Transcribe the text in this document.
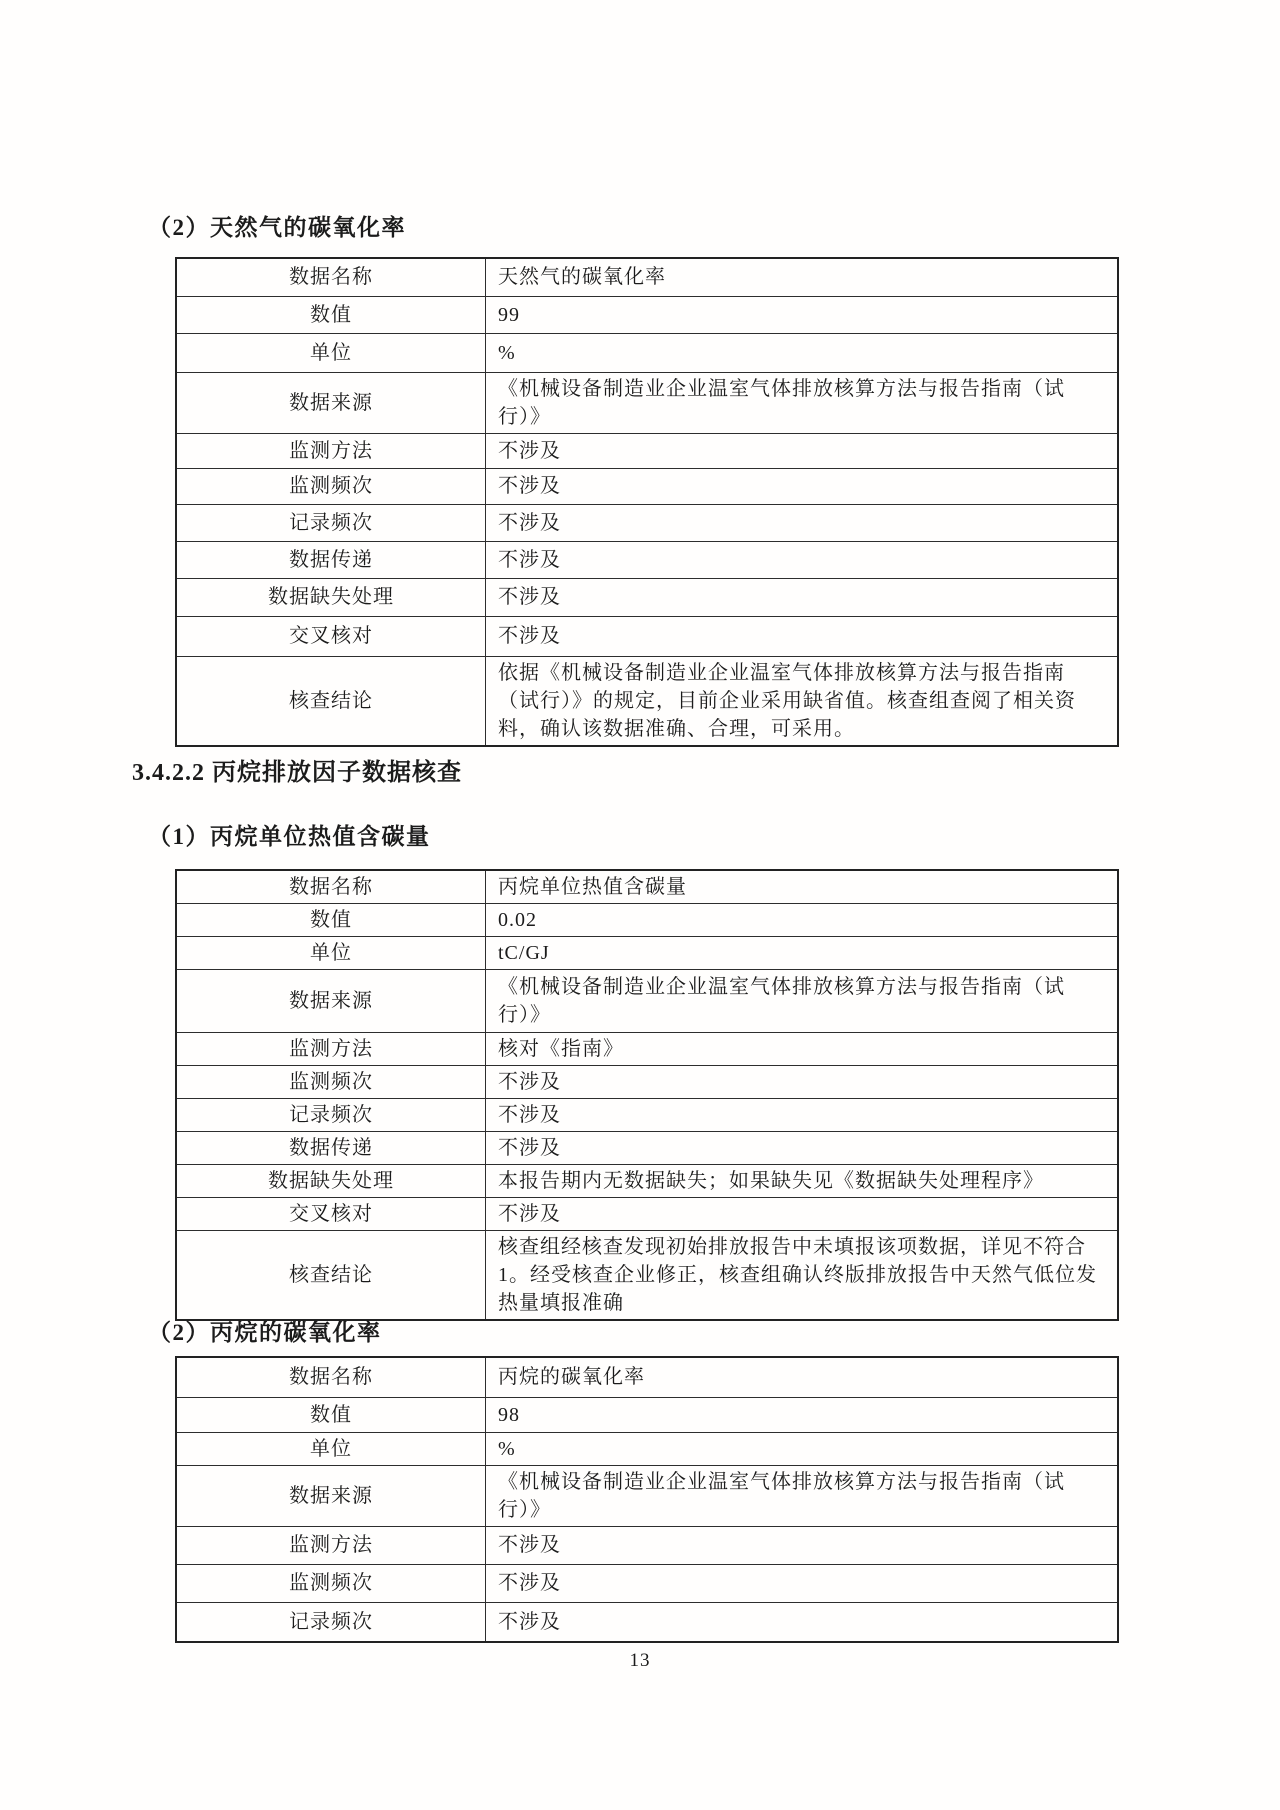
（2）天然气的碳氧化率
数据名称	天然气的碳氧化率
数值	99
单位	%
数据来源	《机械设备制造业企业温室气体排放核算方法与报告指南（试行）》
监测方法	不涉及
监测频次	不涉及
记录频次	不涉及
数据传递	不涉及
数据缺失处理	不涉及
交叉核对	不涉及
核查结论	依据《机械设备制造业企业温室气体排放核算方法与报告指南（试行）》的规定，目前企业采用缺省值。核查组查阅了相关资料，确认该数据准确、合理，可采用。
3.4.2.2 丙烷排放因子数据核查
（1）丙烷单位热值含碳量
数据名称	丙烷单位热值含碳量
数值	0.02
单位	tC/GJ
数据来源	《机械设备制造业企业温室气体排放核算方法与报告指南（试行）》
监测方法	核对《指南》
监测频次	不涉及
记录频次	不涉及
数据传递	不涉及
数据缺失处理	本报告期内无数据缺失；如果缺失见《数据缺失处理程序》
交叉核对	不涉及
核查结论	核查组经核查发现初始排放报告中未填报该项数据，详见不符合1。经受核查企业修正，核查组确认终版排放报告中天然气低位发热量填报准确
（2）丙烷的碳氧化率
数据名称	丙烷的碳氧化率
数值	98
单位	%
数据来源	《机械设备制造业企业温室气体排放核算方法与报告指南（试行）》
监测方法	不涉及
监测频次	不涉及
记录频次	不涉及
13
